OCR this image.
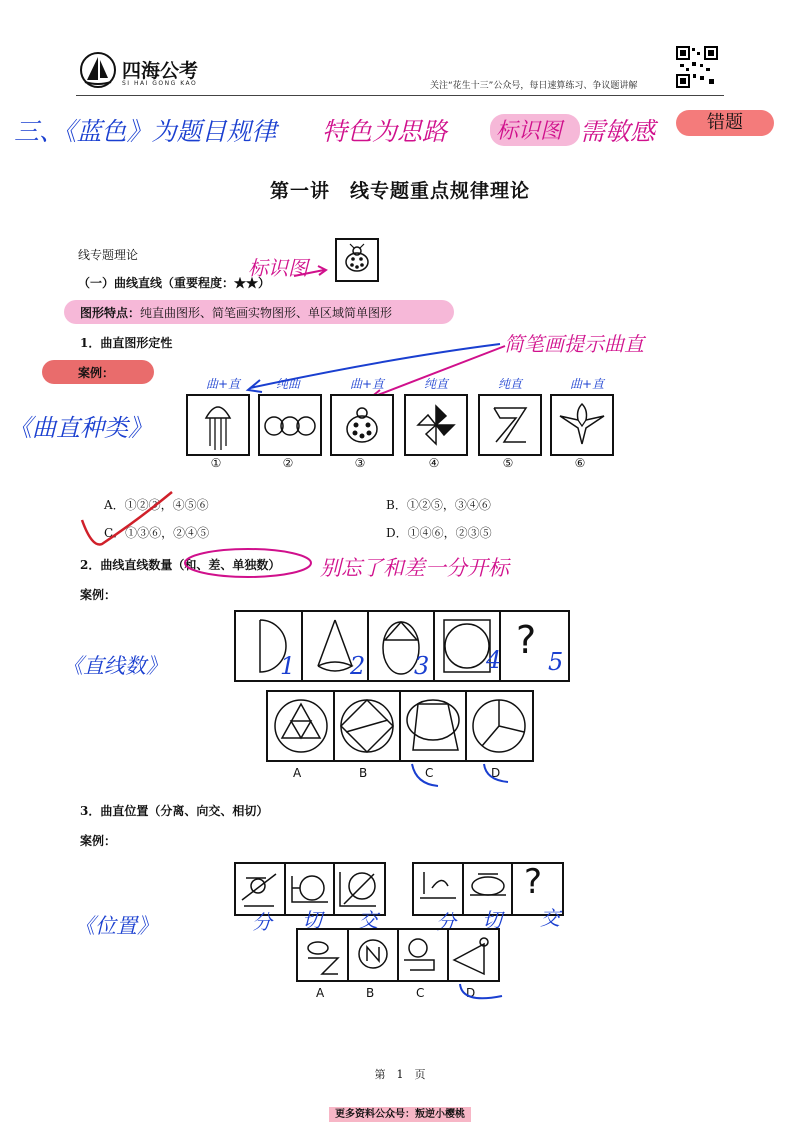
四海公考
SI HAI GONG KAO	关注“花生十三”公众号，每日速算练习、争议题讲解
三、《蓝色》为题目规律 特色为思路 标识图 需敏感	错题
第一讲　线专题重点规律理论
线专题理论
（一）曲线直线（重要程度：★★）
标识图
图形特点：纯直曲图形、简笔画实物图形、单区域简单图形
1．曲直图形定性	简笔画提示曲直
案例：
《曲直种类》
曲+直	纯曲	曲+直	纯直	纯直	曲+直
①	②	③	④	⑤	⑥
A．①②③，④⑤⑥	B．①②⑤，③④⑥
C．①③⑥，②④⑤	D．①④⑥，②③⑤
2．曲线直线数量（和、差、单独数） 别忘了和差一分开标
案例：
《直线数》
?
1 2 3 4 5
A	B	C	D
3．曲直位置（分离、向交、相切）
案例：
《位置》
?
分 切 交	分 切 交
A	B	C	D
第　1　页
更多资料公众号：叛逆小樱桃
